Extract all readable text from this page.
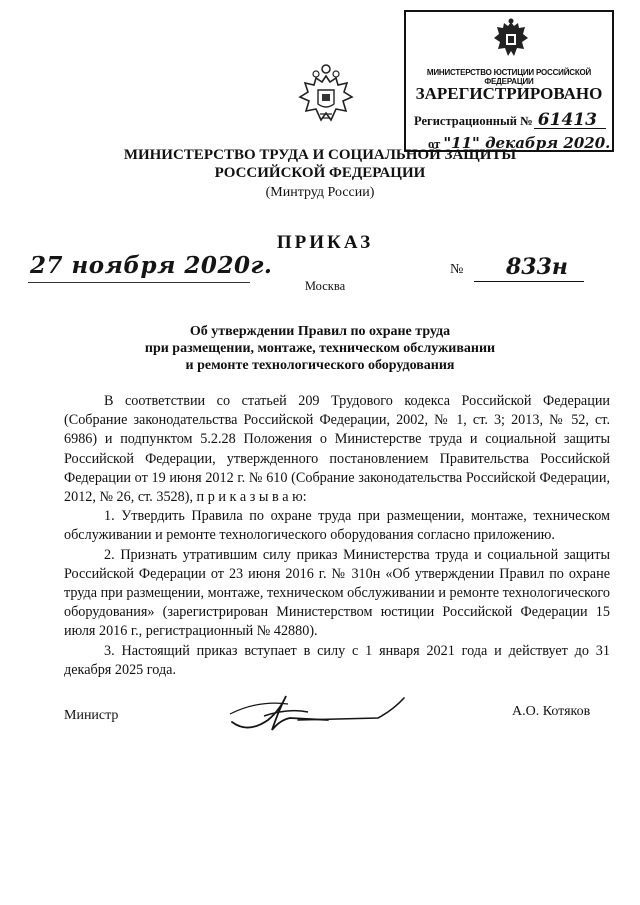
МИНИСТЕРСТВО ЮСТИЦИИ РОССИЙСКОЙ ФЕДЕРАЦИИ
ЗАРЕГИСТРИРОВАНО
Регистрационный № 61413
от "11" декабря 2020.
МИНИСТЕРСТВО ТРУДА И СОЦИАЛЬНОЙ ЗАЩИТЫ
РОССИЙСКОЙ ФЕДЕРАЦИИ
(Минтруд России)
ПРИКАЗ
27 ноября 2020г.	№ 833н
Москва
Об утверждении Правил по охране труда
при размещении, монтаже, техническом обслуживании
и ремонте технологического оборудования

В соответствии со статьей 209 Трудового кодекса Российской Федерации (Собрание законодательства Российской Федерации, 2002, № 1, ст. 3; 2013, № 52, ст. 6986) и подпунктом 5.2.28 Положения о Министерстве труда и социальной защиты Российской Федерации, утвержденного постановлением Правительства Российской Федерации от 19 июня 2012 г. № 610 (Собрание законодательства Российской Федерации, 2012, № 26, ст. 3528), п р и к а з ы в а ю:

1. Утвердить Правила по охране труда при размещении, монтаже, техническом обслуживании и ремонте технологического оборудования согласно приложению.

2. Признать утратившим силу приказ Министерства труда и социальной защиты Российской Федерации от 23 июня 2016 г. № 310н «Об утверждении Правил по охране труда при размещении, монтаже, техническом обслуживании и ремонте технологического оборудования» (зарегистрирован Министерством юстиции Российской Федерации 15 июля 2016 г., регистрационный № 42880).

3. Настоящий приказ вступает в силу с 1 января 2021 года и действует до 31 декабря 2025 года.

Министр	А.О. Котяков
